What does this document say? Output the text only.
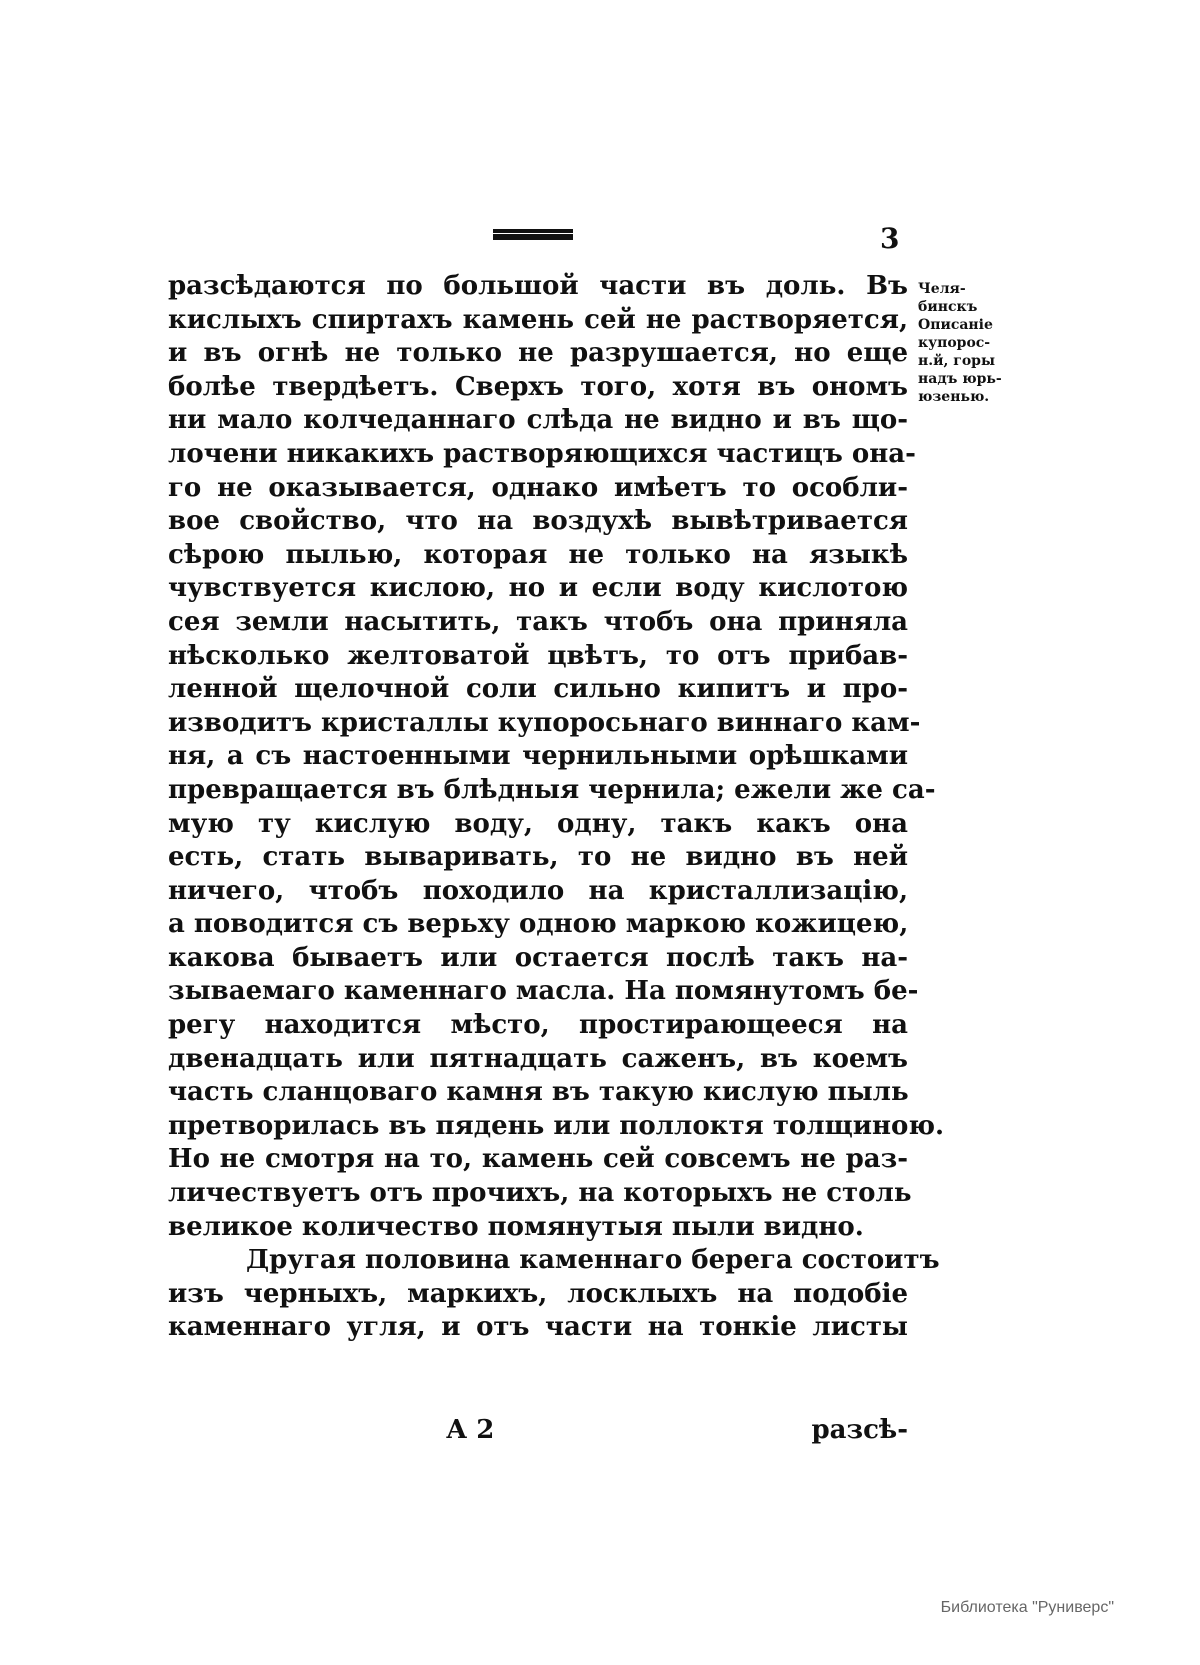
3
Челя-
бинскъ
Описанiе
купорос-
н.й, горы
надъ юрь-
юзенью.
разсѣдаются по большой части въ доль. Въ
кислыхъ спиртахъ камень сей не растворяется,
и въ огнѣ не только не разрушается, но еще
болѣе твердѣетъ. Сверхъ того, хотя въ ономъ
ни мало колчеданнаго слѣда не видно и въ що-
лочени никакихъ растворяющихся частицъ она-
го не оказывается, однако имѣетъ то особли-
вое свойство, что на воздухѣ вывѣтривается
сѣрою пылью, которая не только на языкѣ
чувствуется кислою, но и если воду кислотою
сея земли насытить, такъ чтобъ она приняла
нѣсколько желтоватой цвѣтъ, то отъ прибав-
ленной щелочной соли сильно кипитъ и про-
изводитъ кристаллы купоросьнаго виннаго кам-
ня, а съ настоенными чернильными орѣшками
превращается въ блѣдныя чернила; ежели же са-
мую ту кислую воду, одну, такъ какъ она
есть, стать вываривать, то не видно въ ней
ничего, чтобъ походило на кристаллизацiю,
а поводится съ верьху одною маркою кожицею,
какова бываетъ или остается послѣ такъ на-
зываемаго каменнаго масла. На помянутомъ бе-
регу находится мѣсто, простирающееся на
двенадцать или пятнадцать саженъ, въ коемъ
часть сланцоваго камня въ такую кислую пыль
претворилась въ пядень или поллоктя толщиною.
Но не смотря на то, камень сей совсемъ не раз-
личествуетъ отъ прочихъ, на которыхъ не столь
великое количество помянутыя пыли видно.
Другая половина каменнаго берега состоитъ
изъ черныхъ, маркихъ, лосклыхъ на подобiе
каменнаго угля, и отъ части на тонкiе листы
А 2	разсѣ-
Библиотека "Руниверс"
